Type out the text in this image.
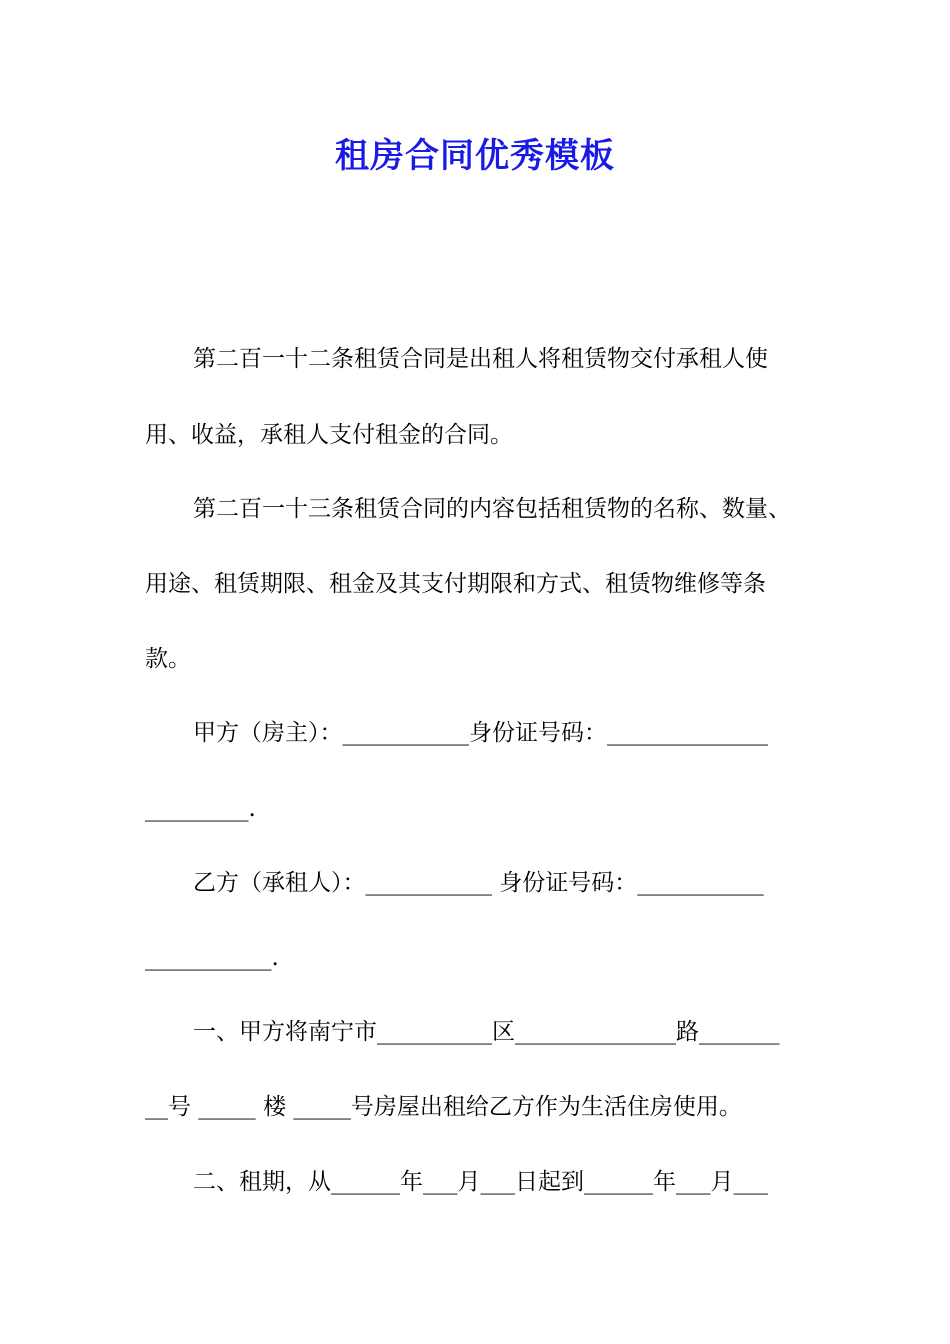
租房合同优秀模板

第二百一十二条租赁合同是出租人将租赁物交付承租人使

用、收益，承租人支付租金的合同。

第二百一十三条租赁合同的内容包括租赁物的名称、数量、

用途、租赁期限、租金及其支付期限和方式、租赁物维修等条

款。

甲方（房主）：___________身份证号码：______________

_________.

乙方（承租人）：___________ 身份证号码：___________

___________.

一、甲方将南宁市__________区______________路_______

__号 _____ 楼 _____号房屋出租给乙方作为生活住房使用。

二、租期，从______年___月___日起到______年___月___
